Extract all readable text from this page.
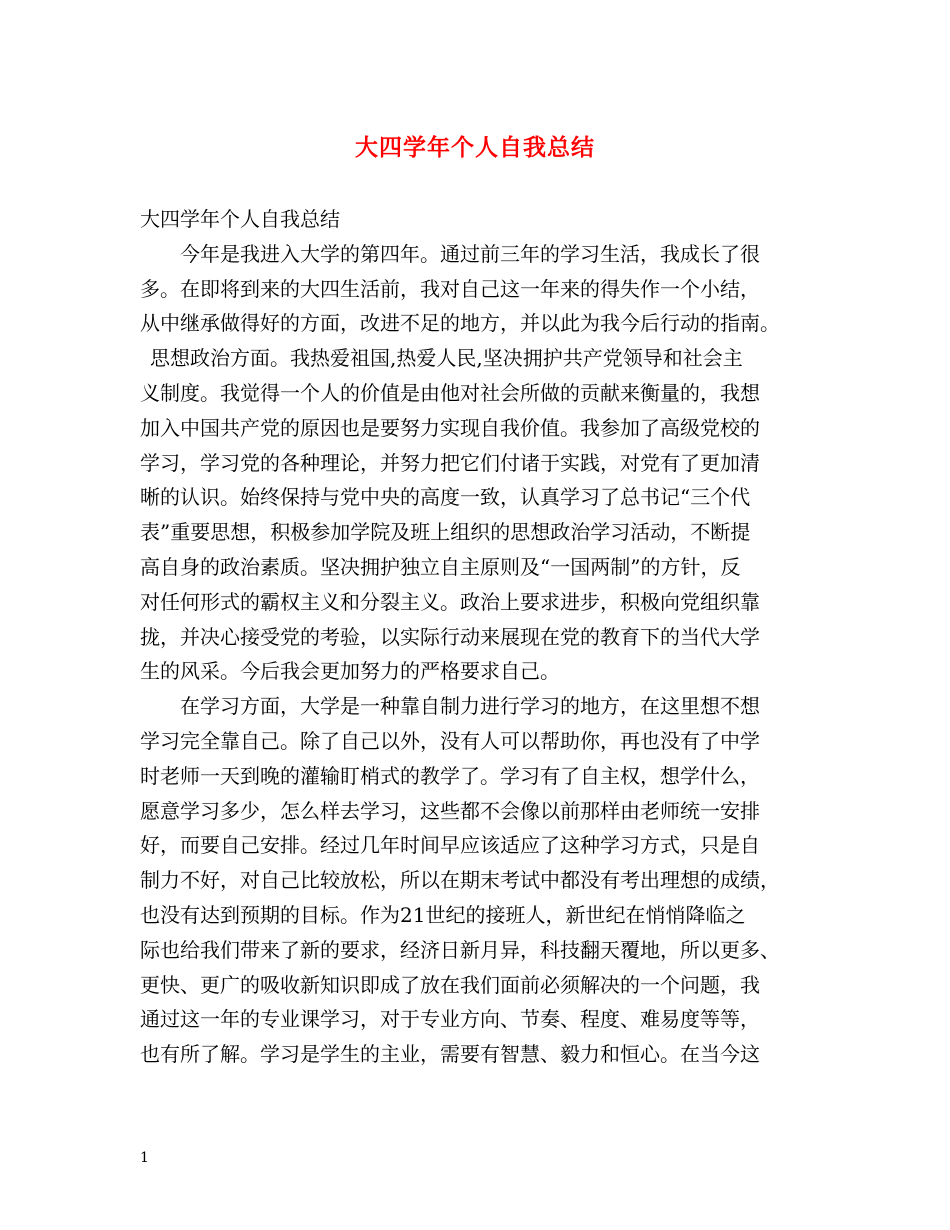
大四学年个人自我总结
大四学年个人自我总结
今年是我进入大学的第四年。通过前三年的学习生活，我成长了很
多。在即将到来的大四生活前，我对自己这一年来的得失作一个小结，
从中继承做得好的方面，改进不足的地方，并以此为我今后行动的指南。
思想政治方面。我热爱祖国,热爱人民,坚决拥护共产党领导和社会主
义制度。我觉得一个人的价值是由他对社会所做的贡献来衡量的，我想
加入中国共产党的原因也是要努力实现自我价值。我参加了高级党校的
学习，学习党的各种理论，并努力把它们付诸于实践，对党有了更加清
晰的认识。始终保持与党中央的高度一致，认真学习了总书记“三个代
表”重要思想，积极参加学院及班上组织的思想政治学习活动，不断提
高自身的政治素质。坚决拥护独立自主原则及“一国两制”的方针，反
对任何形式的霸权主义和分裂主义。政治上要求进步，积极向党组织靠
拢，并决心接受党的考验，以实际行动来展现在党的教育下的当代大学
生的风采。今后我会更加努力的严格要求自己。
在学习方面，大学是一种靠自制力进行学习的地方，在这里想不想
学习完全靠自己。除了自己以外，没有人可以帮助你，再也没有了中学
时老师一天到晚的灌输盯梢式的教学了。学习有了自主权，想学什么，
愿意学习多少，怎么样去学习，这些都不会像以前那样由老师统一安排
好，而要自己安排。经过几年时间早应该适应了这种学习方式，只是自
制力不好，对自己比较放松，所以在期末考试中都没有考出理想的成绩，
也没有达到预期的目标。作为21世纪的接班人，新世纪在悄悄降临之
际也给我们带来了新的要求，经济日新月异，科技翻天覆地，所以更多、
更快、更广的吸收新知识即成了放在我们面前必须解决的一个问题，我
通过这一年的专业课学习，对于专业方向、节奏、程度、难易度等等，
也有所了解。学习是学生的主业，需要有智慧、毅力和恒心。在当今这
1
